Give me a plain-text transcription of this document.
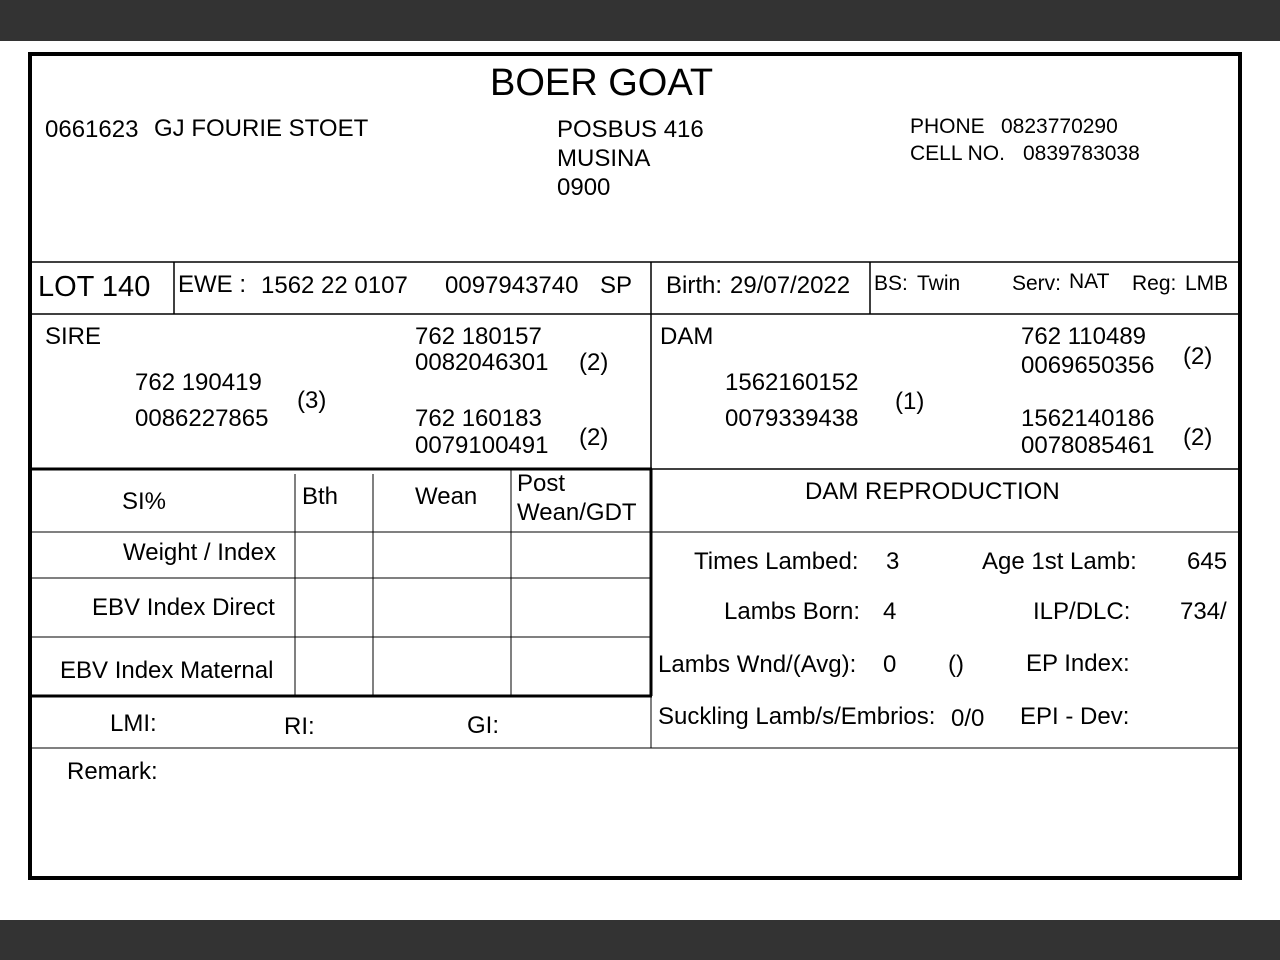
BOER GOAT
0661623 GJ FOURIE STOET	POSBUS 416
MUSINA
0900
PHONE 0823770290
CELL NO. 0839783038
LOT 140 EWE : 1562 22 0107 0097943740 SP Birth: 29/07/2022 BS: Twin Serv: NAT Reg: LMB
SIRE
762 190419
0086227865
(3)
762 180157
0082046301 (2)
762 160183
0079100491 (2)
DAM
1562160152
0079339438
(1)
762 110489
0069650356 (2)
1562140186
0078085461 (2)
SI%	Bth	Wean Post
Wean/GDT
Weight / Index
EBV Index Direct
EBV Index Maternal
LMI:	RI:	GI:
Remark:
DAM REPRODUCTION
Times Lambed: 3	Age 1st Lamb: 645
Lambs Born: 4	ILP/DLC: 734/
Lambs Wnd/(Avg): 0 ()	EP Index:
Suckling Lamb/s/Embrios: 0/0 EPI - Dev:
